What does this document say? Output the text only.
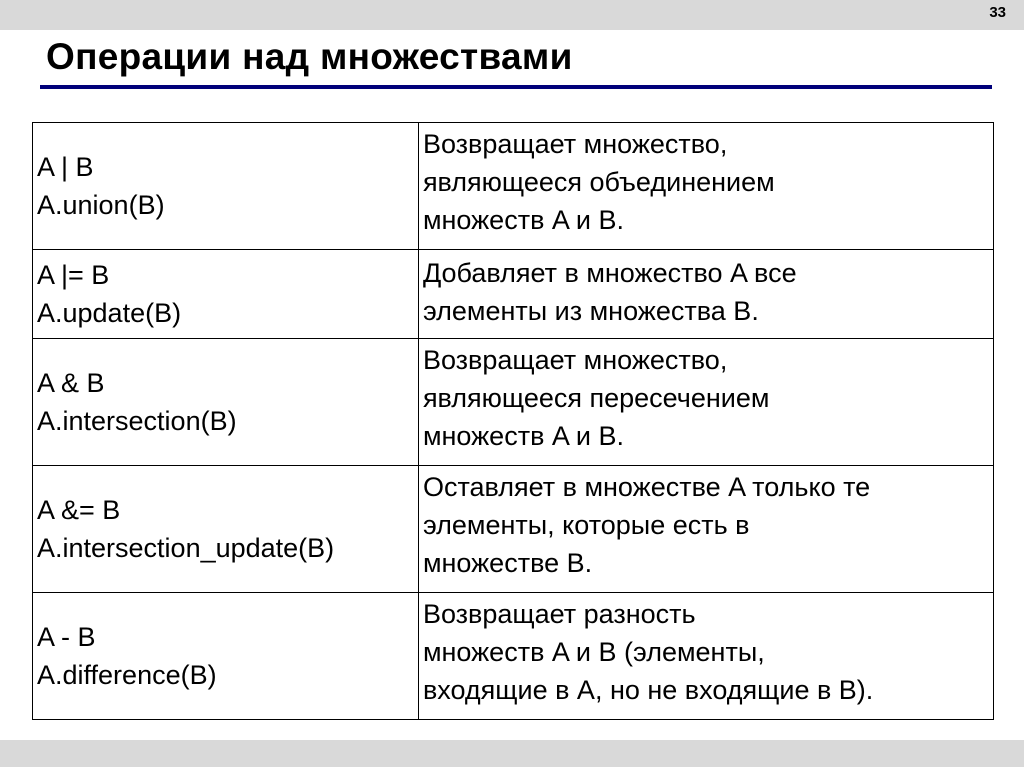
33
Операции над множествами
A | B
A.union(B)	Возвращает множество,
являющееся объединением
множеств A и B.

A |= B
A.update(B)	Добавляет в множество A все
элементы из множества B.

A & B
A.intersection(B)	Возвращает множество,
являющееся пересечением
множеств A и B.

A &= B
A.intersection_update(B)	Оставляет в множестве A только те
элементы, которые есть в
множестве B.

A - B
A.difference(B)	Возвращает разность
множеств A и B (элементы,
входящие в A, но не входящие в B).
